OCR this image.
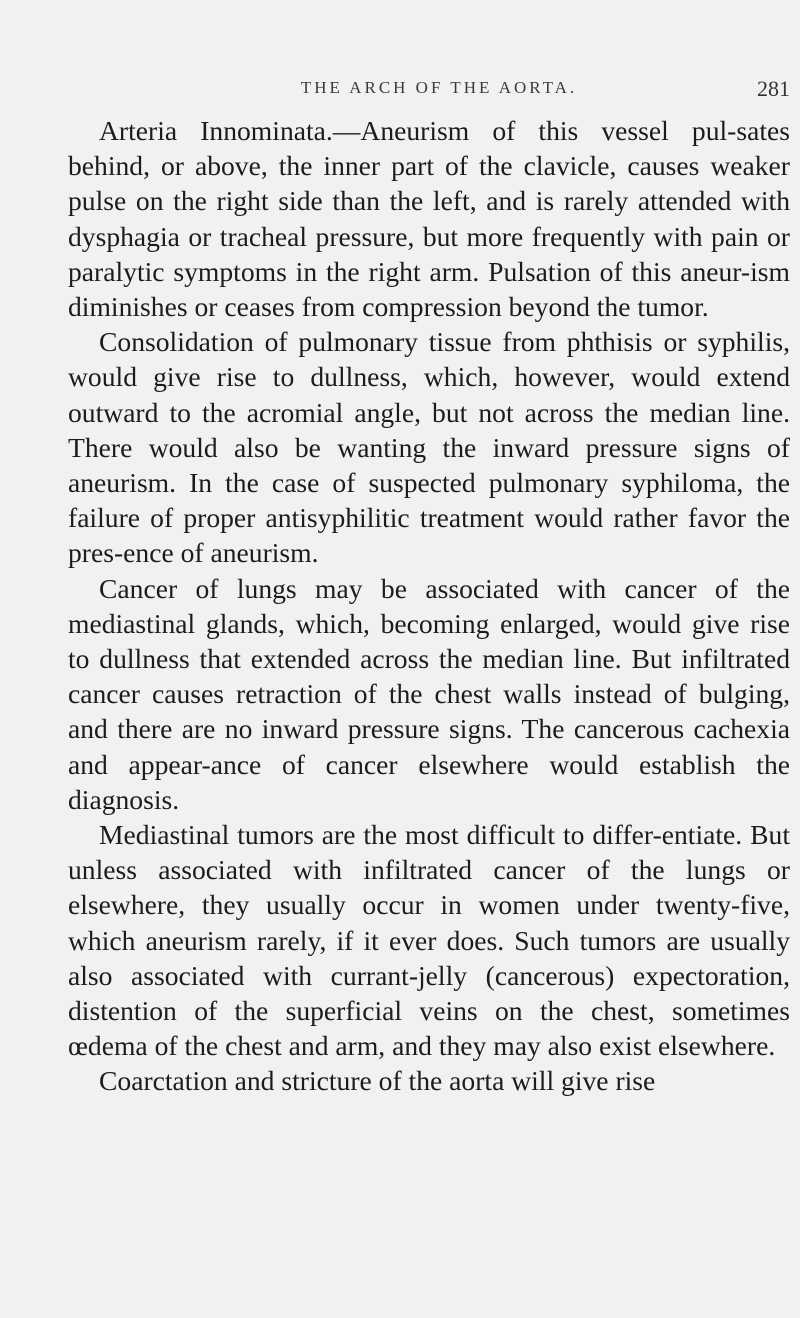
THE ARCH OF THE AORTA.	281

Arteria Innominata.—Aneurism of this vessel pul-sates behind, or above, the inner part of the clavicle, causes weaker pulse on the right side than the left, and is rarely attended with dysphagia or tracheal pressure, but more frequently with pain or paralytic symptoms in the right arm. Pulsation of this aneur-ism diminishes or ceases from compression beyond the tumor.

Consolidation of pulmonary tissue from phthisis or syphilis, would give rise to dullness, which, however, would extend outward to the acromial angle, but not across the median line. There would also be wanting the inward pressure signs of aneurism. In the case of suspected pulmonary syphiloma, the failure of proper antisyphilitic treatment would rather favor the pres-ence of aneurism.

Cancer of lungs may be associated with cancer of the mediastinal glands, which, becoming enlarged, would give rise to dullness that extended across the median line. But infiltrated cancer causes retraction of the chest walls instead of bulging, and there are no inward pressure signs. The cancerous cachexia and appear-ance of cancer elsewhere would establish the diagnosis.

Mediastinal tumors are the most difficult to differ-entiate. But unless associated with infiltrated cancer of the lungs or elsewhere, they usually occur in women under twenty-five, which aneurism rarely, if it ever does. Such tumors are usually also associated with currant-jelly (cancerous) expectoration, distention of the superficial veins on the chest, sometimes œdema of the chest and arm, and they may also exist elsewhere.

Coarctation and stricture of the aorta will give rise
